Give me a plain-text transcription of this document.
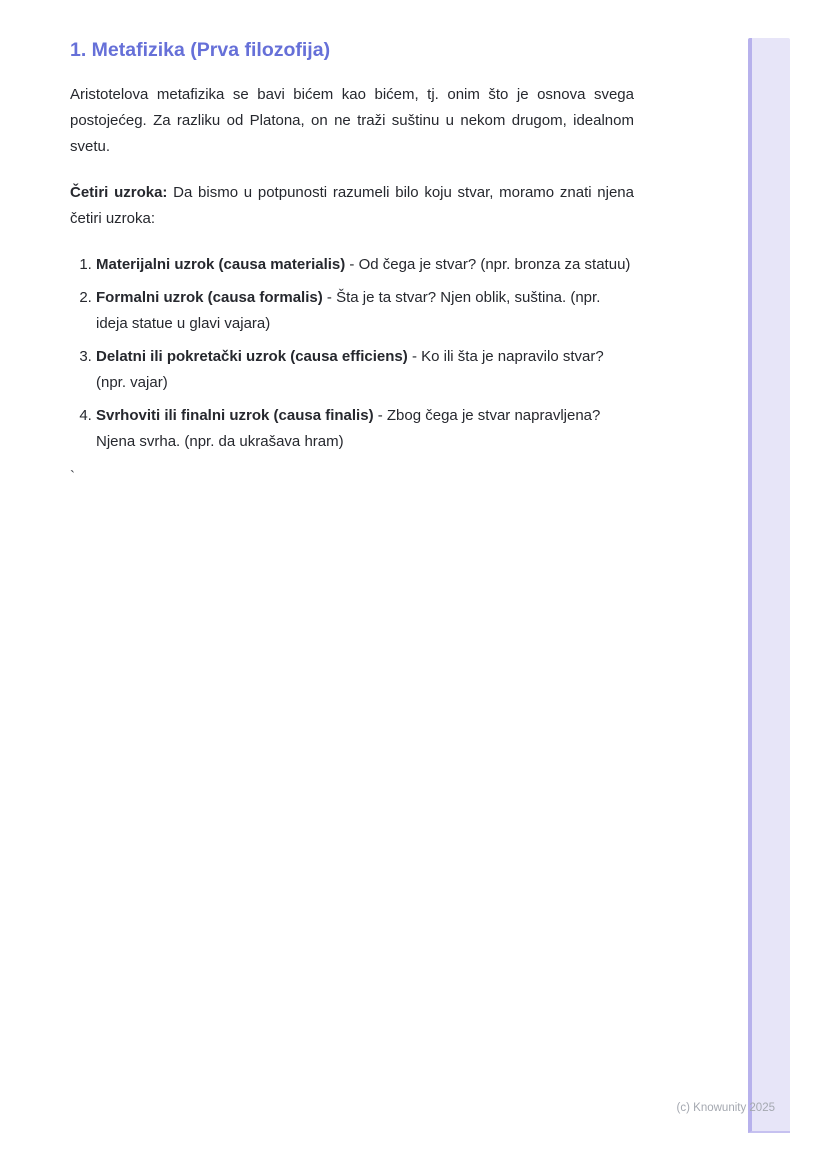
1. Metafizika (Prva filozofija)

Aristotelova metafizika se bavi bićem kao bićem, tj. onim što je osnova svega postojećeg. Za razliku od Platona, on ne traži suštinu u nekom drugom, idealnom svetu.

Četiri uzroka: Da bismo u potpunosti razumeli bilo koju stvar, moramo znati njena četiri uzroka:

1. Materijalni uzrok (causa materialis) - Od čega je stvar? (npr. bronza za statuu)
2. Formalni uzrok (causa formalis) - Šta je ta stvar? Njen oblik, suština. (npr. ideja statue u glavi vajara)
3. Delatni ili pokretački uzrok (causa efficiens) - Ko ili šta je napravilo stvar? (npr. vajar)
4. Svrhoviti ili finalni uzrok (causa finalis) - Zbog čega je stvar napravljena? Njena svrha. (npr. da ukrašava hram)
`
(c) Knowunity 2025
